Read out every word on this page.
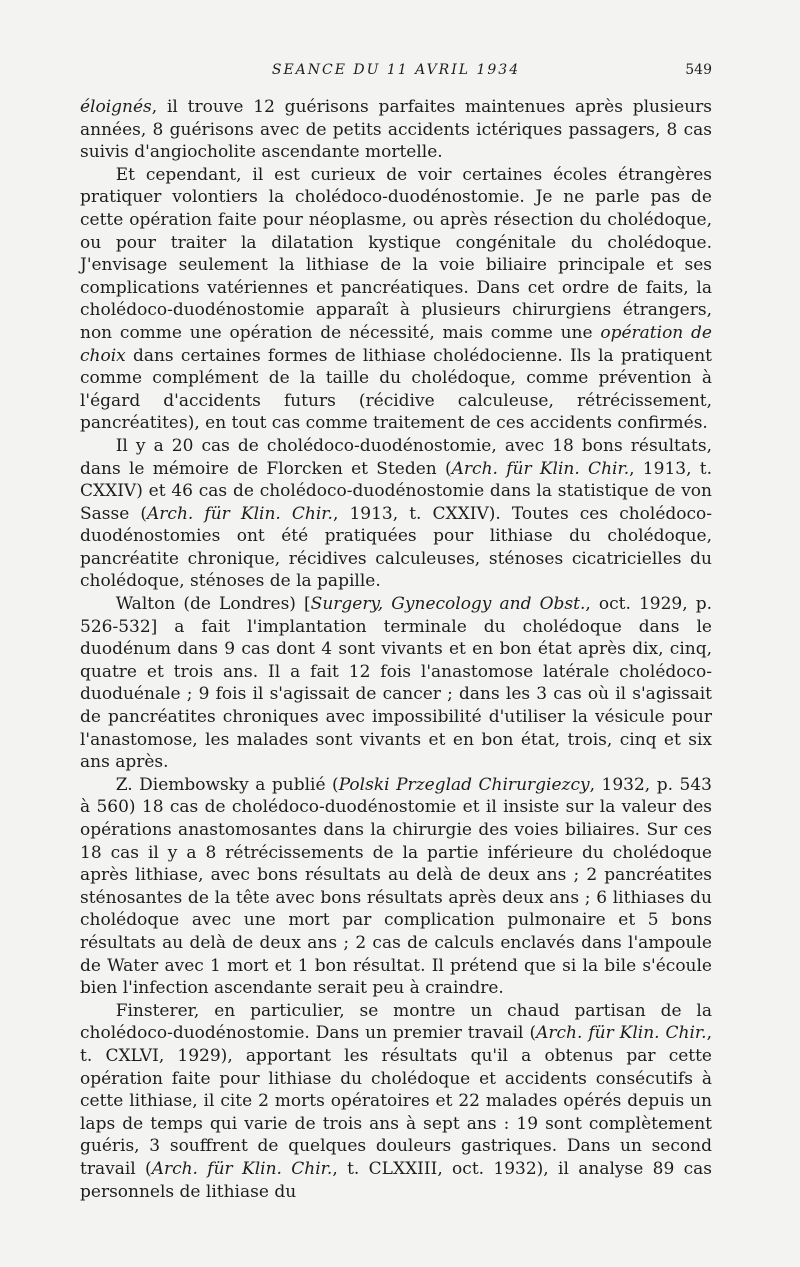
SEANCE DU 11 AVRIL 1934	549

éloignés, il trouve 12 guérisons parfaites maintenues après plusieurs années, 8 guérisons avec de petits accidents ictériques passagers, 8 cas suivis d'angiocholite ascendante mortelle.

Et cependant, il est curieux de voir certaines écoles étrangères pratiquer volontiers la cholédoco-duodénostomie. Je ne parle pas de cette opération faite pour néoplasme, ou après résection du cholédoque, ou pour traiter la dilatation kystique congénitale du cholédoque. J'envisage seulement la lithiase de la voie biliaire principale et ses complications vatériennes et pancréatiques. Dans cet ordre de faits, la cholédoco-duodénostomie apparaît à plusieurs chirurgiens étrangers, non comme une opération de nécessité, mais comme une opération de choix dans certaines formes de lithiase cholédocienne. Ils la pratiquent comme complément de la taille du cholédoque, comme prévention à l'égard d'accidents futurs (récidive calculeuse, rétrécissement, pancréatites), en tout cas comme traitement de ces accidents confirmés.

Il y a 20 cas de cholédoco-duodénostomie, avec 18 bons résultats, dans le mémoire de Florcken et Steden (Arch. für Klin. Chir., 1913, t. CXXIV) et 46 cas de cholédoco-duodénostomie dans la statistique de von Sasse (Arch. für Klin. Chir., 1913, t. CXXIV). Toutes ces cholédoco-duodénostomies ont été pratiquées pour lithiase du cholédoque, pancréatite chronique, récidives calculeuses, sténoses cicatricielles du cholédoque, sténoses de la papille.

Walton (de Londres) [Surgery, Gynecology and Obst., oct. 1929, p. 526-532] a fait l'implantation terminale du cholédoque dans le duodénum dans 9 cas dont 4 sont vivants et en bon état après dix, cinq, quatre et trois ans. Il a fait 12 fois l'anastomose latérale cholédoco-duoduénale ; 9 fois il s'agissait de cancer ; dans les 3 cas où il s'agissait de pancréatites chroniques avec impossibilité d'utiliser la vésicule pour l'anastomose, les malades sont vivants et en bon état, trois, cinq et six ans après.

Z. Diembowsky a publié (Polski Przeglad Chirurgiezcy, 1932, p. 543 à 560) 18 cas de cholédoco-duodénostomie et il insiste sur la valeur des opérations anastomosantes dans la chirurgie des voies biliaires. Sur ces 18 cas il y a 8 rétrécissements de la partie inférieure du cholédoque après lithiase, avec bons résultats au delà de deux ans ; 2 pancréatites sténosantes de la tête avec bons résultats après deux ans ; 6 lithiases du cholédoque avec une mort par complication pulmonaire et 5 bons résultats au delà de deux ans ; 2 cas de calculs enclavés dans l'ampoule de Water avec 1 mort et 1 bon résultat. Il prétend que si la bile s'écoule bien l'infection ascendante serait peu à craindre.

Finsterer, en particulier, se montre un chaud partisan de la cholédoco-duodénostomie. Dans un premier travail (Arch. für Klin. Chir., t. CXLVI, 1929), apportant les résultats qu'il a obtenus par cette opération faite pour lithiase du cholédoque et accidents consécutifs à cette lithiase, il cite 2 morts opératoires et 22 malades opérés depuis un laps de temps qui varie de trois ans à sept ans : 19 sont complètement guéris, 3 souffrent de quelques douleurs gastriques. Dans un second travail (Arch. für Klin. Chir., t. CLXXIII, oct. 1932), il analyse 89 cas personnels de lithiase du
